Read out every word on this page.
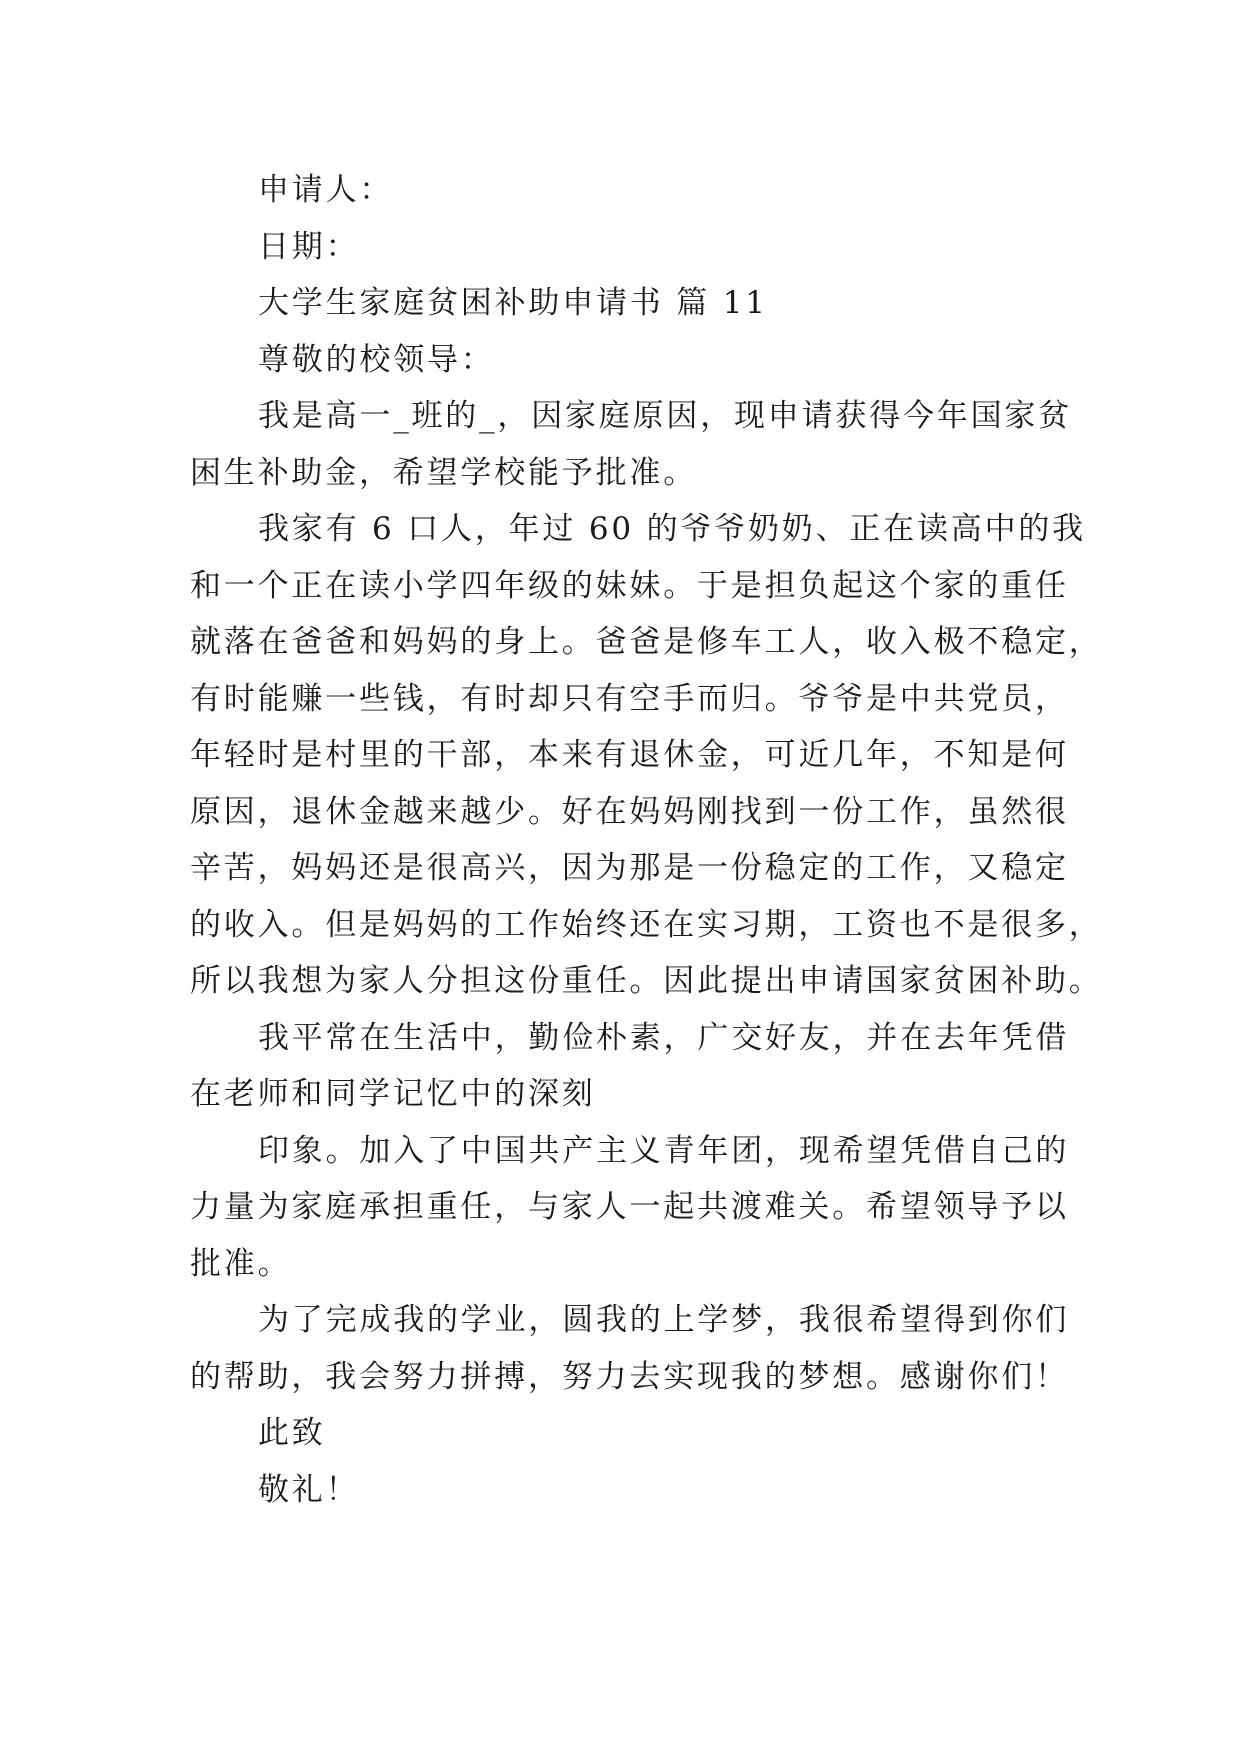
申请人：
日期：
大学生家庭贫困补助申请书 篇 11
尊敬的校领导：
我是高一_班的_，因家庭原因，现申请获得今年国家贫
困生补助金，希望学校能予批准。
我家有 6 口人，年过 60 的爷爷奶奶、正在读高中的我
和一个正在读小学四年级的妹妹。于是担负起这个家的重任
就落在爸爸和妈妈的身上。爸爸是修车工人，收入极不稳定，
有时能赚一些钱，有时却只有空手而归。爷爷是中共党员，
年轻时是村里的干部，本来有退休金，可近几年，不知是何
原因，退休金越来越少。好在妈妈刚找到一份工作，虽然很
辛苦，妈妈还是很高兴，因为那是一份稳定的工作，又稳定
的收入。但是妈妈的工作始终还在实习期，工资也不是很多，
所以我想为家人分担这份重任。因此提出申请国家贫困补助。
我平常在生活中，勤俭朴素，广交好友，并在去年凭借
在老师和同学记忆中的深刻
印象。加入了中国共产主义青年团，现希望凭借自己的
力量为家庭承担重任，与家人一起共渡难关。希望领导予以
批准。
为了完成我的学业，圆我的上学梦，我很希望得到你们
的帮助，我会努力拼搏，努力去实现我的梦想。感谢你们！
此致
敬礼！
